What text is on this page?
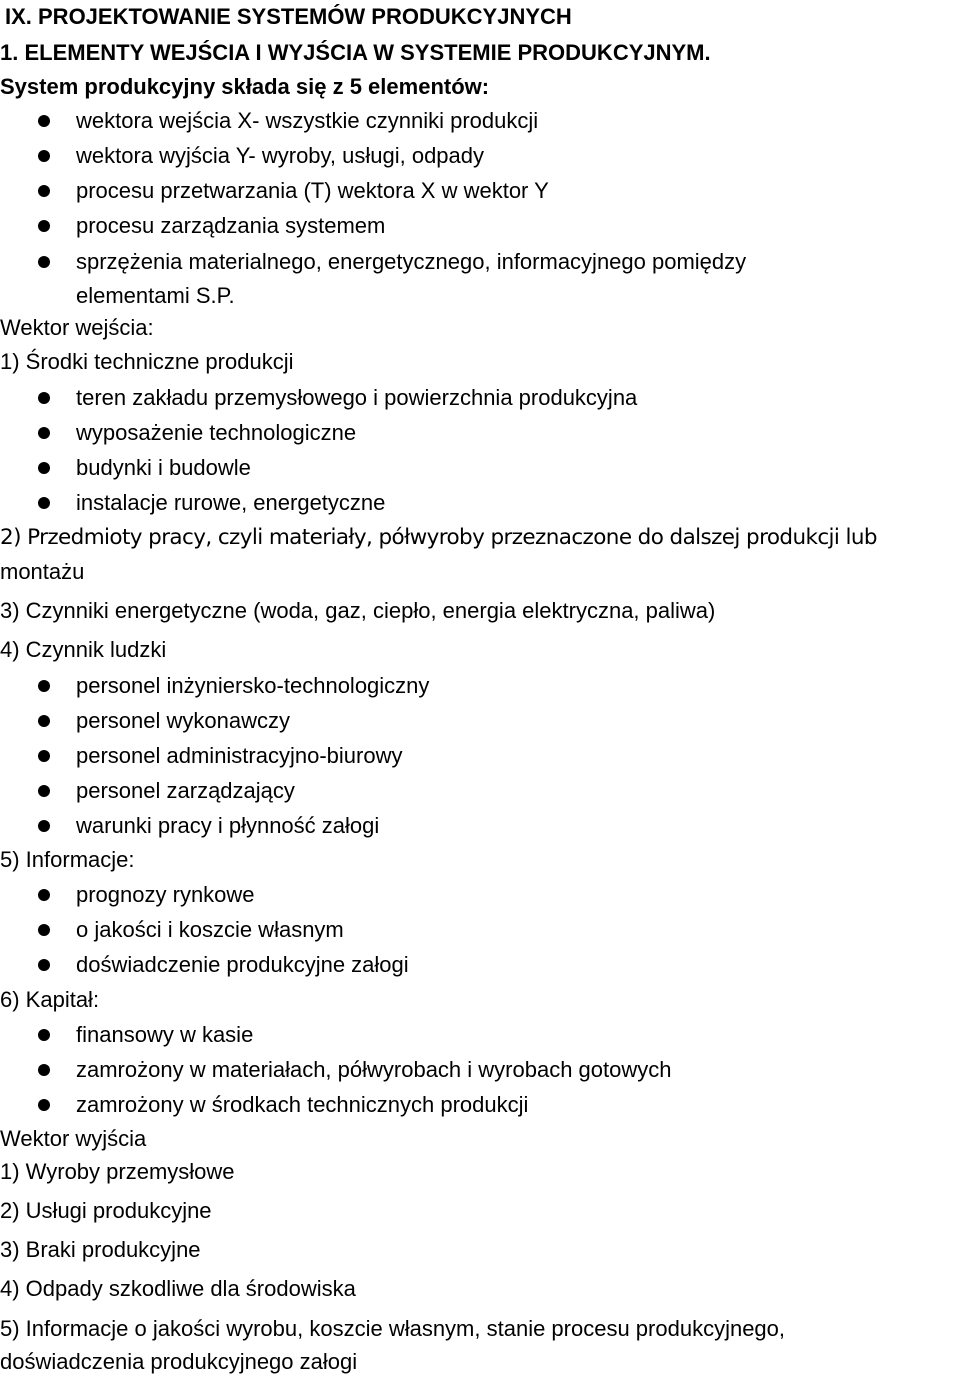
IX. PROJEKTOWANIE SYSTEMÓW PRODUKCYJNYCH
1. ELEMENTY WEJŚCIA I WYJŚCIA W SYSTEMIE PRODUKCYJNYM.
System produkcyjny składa się z 5 elementów:
wektora wejścia X- wszystkie czynniki produkcji
wektora wyjścia Y- wyroby, usługi, odpady
procesu przetwarzania (T) wektora X w wektor Y
procesu zarządzania systemem
sprzężenia materialnego, energetycznego, informacyjnego pomiędzy
elementami S.P.
Wektor wejścia:
1) Środki techniczne produkcji
teren zakładu przemysłowego i powierzchnia produkcyjna
wyposażenie technologiczne
budynki i budowle
instalacje rurowe, energetyczne
2) Przedmioty pracy, czyli materiały, półwyroby przeznaczone do dalszej produkcji lub
montażu
3) Czynniki energetyczne (woda, gaz, ciepło, energia elektryczna, paliwa)
4) Czynnik ludzki
personel inżyniersko-technologiczny
personel wykonawczy
personel administracyjno-biurowy
personel zarządzający
warunki pracy i płynność załogi
5) Informacje:
prognozy rynkowe
o jakości i koszcie własnym
doświadczenie produkcyjne załogi
6) Kapitał:
finansowy w kasie
zamrożony w materiałach, półwyrobach i wyrobach gotowych
zamrożony w środkach technicznych produkcji
Wektor wyjścia
1) Wyroby przemysłowe
2) Usługi produkcyjne
3) Braki produkcyjne
4) Odpady szkodliwe dla środowiska
5) Informacje o jakości wyrobu, koszcie własnym, stanie procesu produkcyjnego,
doświadczenia produkcyjnego załogi
